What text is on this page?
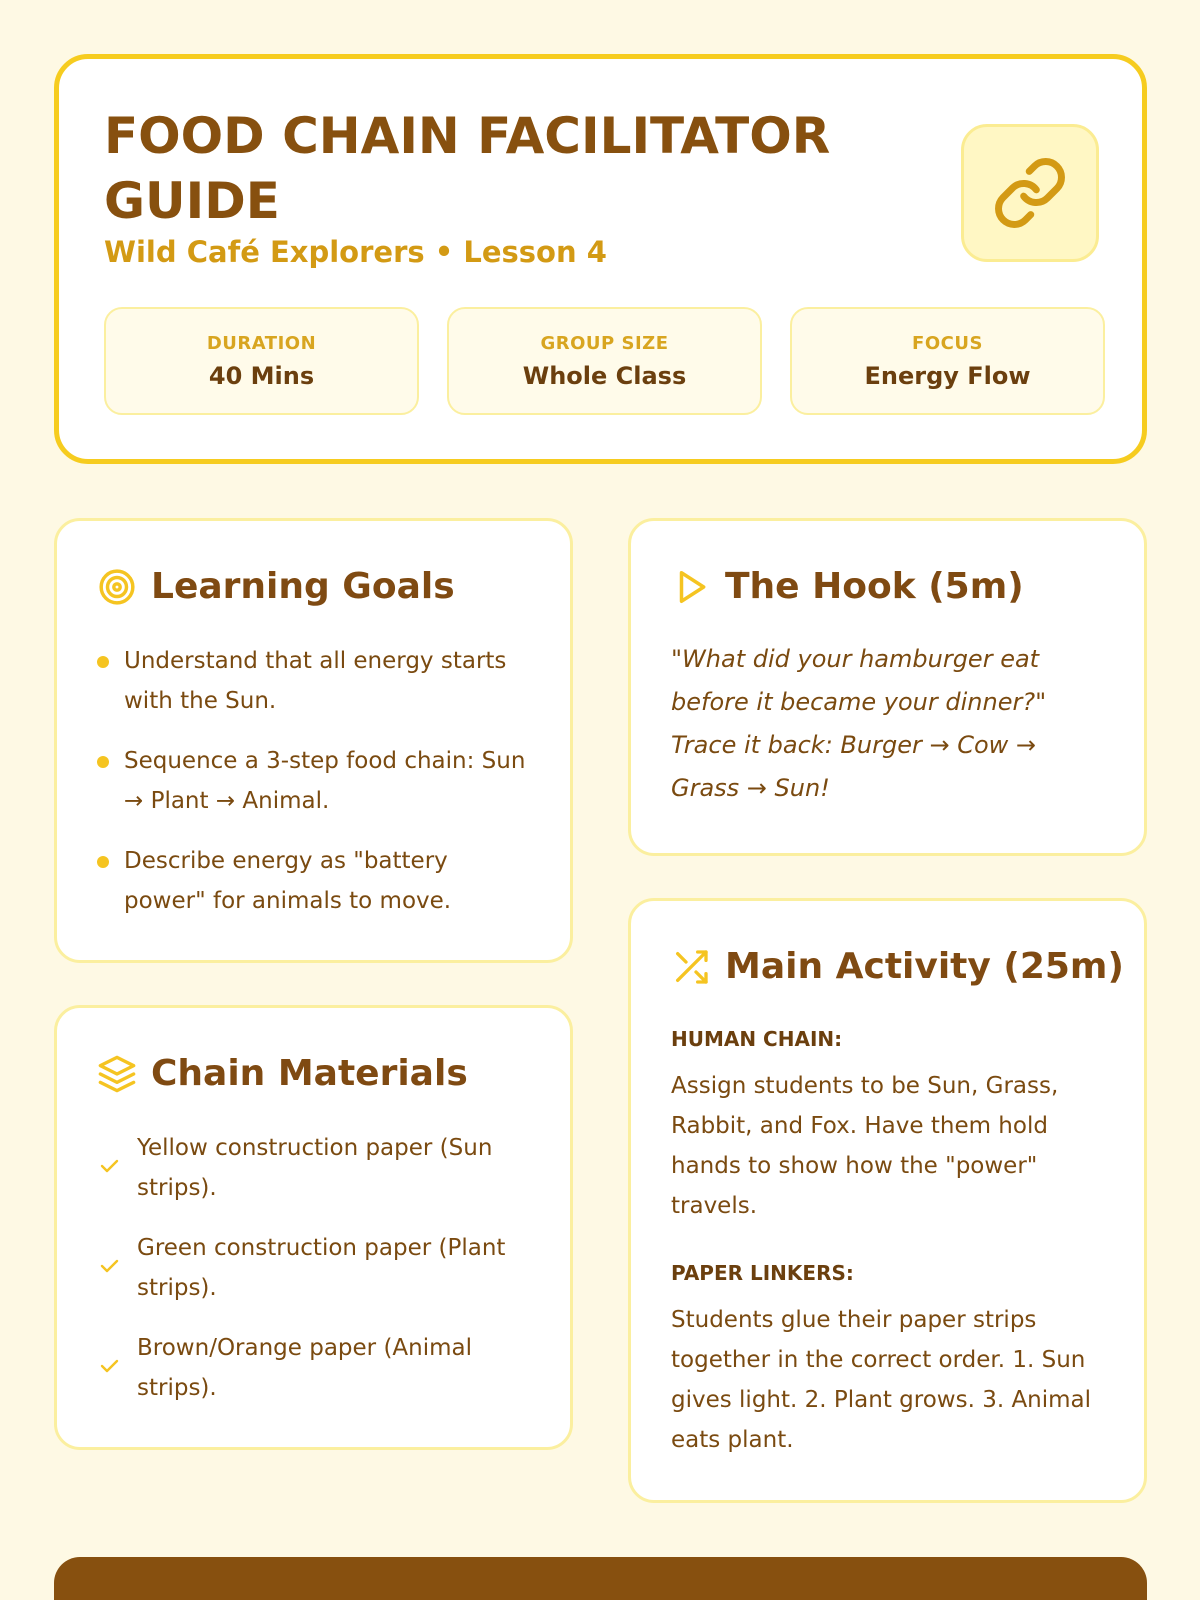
FOOD CHAIN FACILITATOR GUIDE
Wild Café Explorers • Lesson 4
DURATION
40 Mins
GROUP SIZE
Whole Class
FOCUS
Energy Flow
Learning Goals
Understand that all energy starts with the Sun.
Sequence a 3-step food chain: Sun → Plant → Animal.
Describe energy as "battery power" for animals to move.
Chain Materials
Yellow construction paper (Sun strips).
Green construction paper (Plant strips).
Brown/Orange paper (Animal strips).
The Hook (5m)
"What did your hamburger eat before it became your dinner?" Trace it back: Burger → Cow → Grass → Sun!
Main Activity (25m)
HUMAN CHAIN:
Assign students to be Sun, Grass, Rabbit, and Fox. Have them hold hands to show how the "power" travels.
PAPER LINKERS:
Students glue their paper strips together in the correct order. 1. Sun gives light. 2. Plant grows. 3. Animal eats plant.
